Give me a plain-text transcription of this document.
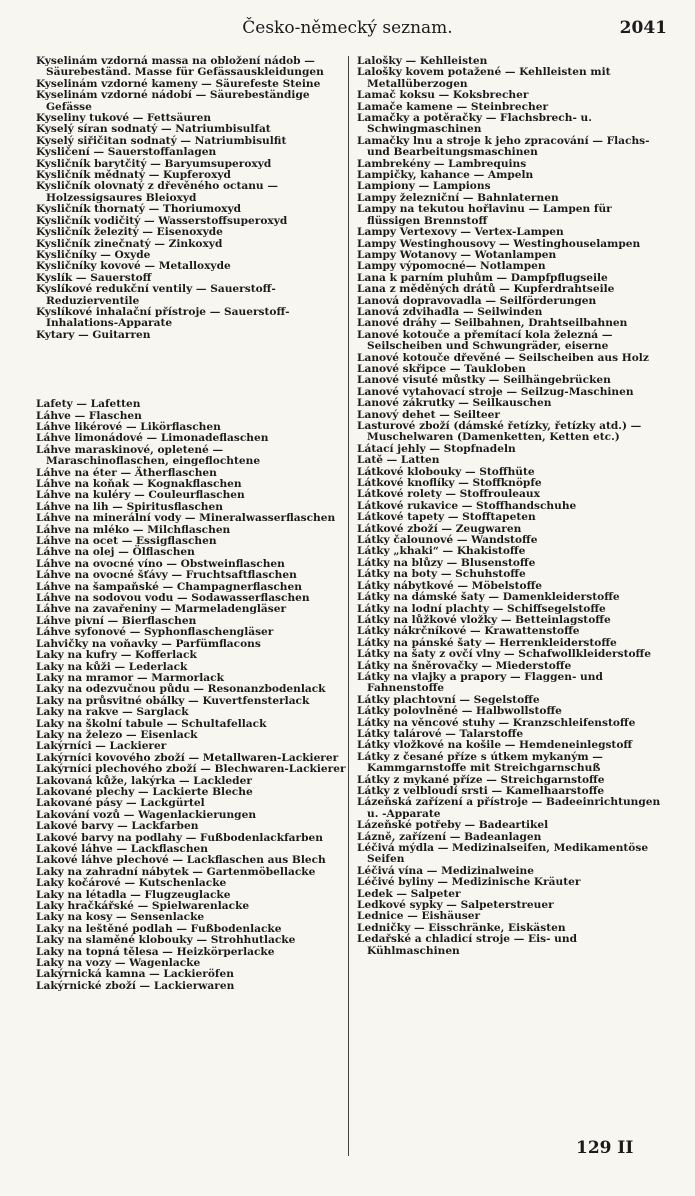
Česko-německý seznam.	2041

Kyselinám vzdorná massa na obložení nádob — Säurebeständ. Masse für Gefässauskleidungen

Kyselinám vzdorné kameny — Säurefeste Steine

Kyselinám vzdorné nádobí — Säurebeständige Gefässe

Kyseliny tukové — Fettsäuren

Kyselý síran sodnatý — Natriumbisulfat

Kyselý siřičitan sodnatý — Natriumbisulfit

Kysličení — Sauerstoffanlagen

Kysličník barytčitý — Baryumsuperoxyd

Kysličník mědnatý — Kupferoxyd

Kysličník olovnatý z dřevěného octanu — Holzessigsaures Bleioxyd

Kysličník thornatý — Thoriumoxyd

Kysličník vodičitý — Wasserstoffsuperoxyd

Kysličník železitý — Eisenoxyde

Kysličník zinečnatý — Zinkoxyd

Kysličníky — Oxyde

Kysličníky kovové — Metalloxyde

Kyslík — Sauerstoff

Kyslíkové redukční ventily — Sauerstoff-Reduzierventile

Kyslíkové inhalační přístroje — Sauerstoff-Inhalations-Apparate

Kytary — Guitarren

Lafety — Lafetten

Láhve — Flaschen

Láhve likérové — Likörflaschen

Láhve limonádové — Limonadeflaschen

Láhve maraskinové, opletené — Maraschinoflaschen, eingeflochtene

Láhve na éter — Ätherflaschen

Láhve na koňak — Kognakflaschen

Láhve na kuléry — Couleurflaschen

Láhve na lih — Spiritusflaschen

Láhve na minerální vody — Mineralwasserflaschen

Láhve na mléko — Milchflaschen

Láhve na ocet — Essigflaschen

Láhve na olej — Ölflaschen

Láhve na ovocné víno — Obstweinflaschen

Láhve na ovocné šťávy — Fruchtsaftflaschen

Láhve na šampaňské — Champagnerflaschen

Láhve na sodovou vodu — Sodawasserflaschen

Láhve na zavařeniny — Marmeladengläser

Láhve pivní — Bierflaschen

Láhve syfonové — Syphonflaschengläser

Lahvičky na voňavky — Parfümflacons

Laky na kufry — Kofferlack

Laky na kůži — Lederlack

Laky na mramor — Marmorlack

Laky na odezvučnou půdu — Resonanzbodenlack

Laky na průsvitné obálky — Kuvertfensterlack

Laky na rakve — Sarglack

Laky na školní tabule — Schultafellack

Laky na železo — Eisenlack

Lakýrníci — Lackierer

Lakýrníci kovového zboží — Metallwaren-Lackierer

Lakýrníci plechového zboží — Blechwaren-Lackierer

Lakovaná kůže, lakýrka — Lackleder

Lakované plechy — Lackierte Bleche

Lakované pásy — Lackgürtel

Lakování vozů — Wagenlackierungen

Lakové barvy — Lackfarben

Lakové barvy na podlahy — Fußbodenlackfarben

Lakové láhve — Lackflaschen

Lakové láhve plechové — Lackflaschen aus Blech

Laky na zahradní nábytek — Gartenmöbellacke

Laky kočárové — Kutschenlacke

Laky na létadla — Flugzeuglacke

Laky hračkářské — Spielwarenlacke

Laky na kosy — Sensenlacke

Laky na leštěné podlah — Fußbodenlacke

Laky na slaměné klobouky — Strohhutlacke

Laky na topná tělesa — Heizkörperlacke

Laky na vozy — Wagenlacke

Lakýrnická kamna — Lackieröfen

Lakýrnické zboží — Lackierwaren

Lalošky — Kehlleisten

Lalošky kovem potažené — Kehlleisten mit Metallüberzogen

Lamač koksu — Koksbrecher

Lamače kamene — Steinbrecher

Lamačky a potěračky — Flachsbrech- u. Schwingmaschinen

Lamačky lnu a stroje k jeho zpracování — Flachs- und Bearbeitungsmaschinen

Lambrekény — Lambrequins

Lampičky, kahance — Ampeln

Lampiony — Lampions

Lampy železniční — Bahnlaternen

Lampy na tekutou hořlavinu — Lampen für flüssigen Brennstoff

Lampy Vertexovy — Vertex-Lampen

Lampy Westinghousovy — Westinghouselampen

Lampy Wotanovy — Wotanlampen

Lampy výpomocné— Notlampen

Lana k parním pluhům — Dampfpflugseile

Lana z měděných drátů — Kupferdrahtseile

Lanová dopravovadla — Seilförderungen

Lanová zdvihadla — Seilwinden

Lanové dráhy — Seilbahnen, Drahtseilbahnen

Lanové kotouče a přemítací kola železná — Seilscheiben und Schwungräder, eiserne

Lanové kotouče dřevěné — Seilscheiben aus Holz

Lanové skřipce — Taukloben

Lanové visuté můstky — Seilhängebrücken

Lanové vytahovací stroje — Seilzug-Maschinen

Lanové zákrutky — Seilkauschen

Lanový dehet — Seilteer

Lasturové zboží (dámské řetízky, řetízky atd.) — Muschelwaren (Damenketten, Ketten etc.)

Látací jehly — Stopfnadeln

Latě — Latten

Látkové klobouky — Stoffhüte

Látkové knoflíky — Stoffknöpfe

Látkové rolety — Stoffrouleaux

Látkové rukavice — Stoffhandschuhe

Látkové tapety — Stofftapeten

Látkové zboží — Zeugwaren

Látky čalounové — Wandstoffe

Látky „khaki“ — Khakistoffe

Látky na blůzy — Blusenstoffe

Látky na boty — Schuhstoffe

Látky nábytkové — Möbelstoffe

Látky na dámské šaty — Damenkleiderstoffe

Látky na lodní plachty — Schiffsegelstoffe

Látky na lůžkové vložky — Betteinlagstoffe

Látky nákrčníkové — Krawattenstoffe

Látky na pánské šaty — Herrenkleiderstoffe

Látky na šaty z ovčí vlny — Schafwollkleiderstoffe

Látky na šněrovačky — Miederstoffe

Látky na vlajky a prapory — Flaggen- und Fahnenstoffe

Látky plachtovní — Segelstoffe

Látky polovlněné — Halbwollstoffe

Látky na věncové stuhy — Kranzschleifenstoffe

Látky talárové — Talarstoffe

Látky vložkové na košile — Hemdeneinlegstoff

Látky z česané příze s útkem mykaným — Kammgarnstoffe mit Streichgarnschuß

Látky z mykané příze — Streichgarnstoffe

Látky z velbloudí srsti — Kamelhaarstoffe

Lázeňská zařízení a přístroje — Badeeinrichtungen u. -Apparate

Lázeňské potřeby — Badeartikel

Lázně, zařízení — Badeanlagen

Léčivá mýdla — Medizinalseifen, Medikamentöse Seifen

Léčivá vína — Medizinalweine

Léčivé byliny — Medizinische Kräuter

Ledek — Salpeter

Ledkové sypky — Salpeterstreuer

Lednice — Eishäuser

Ledničky — Eisschränke, Eiskästen

Ledařské a chladicí stroje — Eis- und Kühlmaschinen

129 II
